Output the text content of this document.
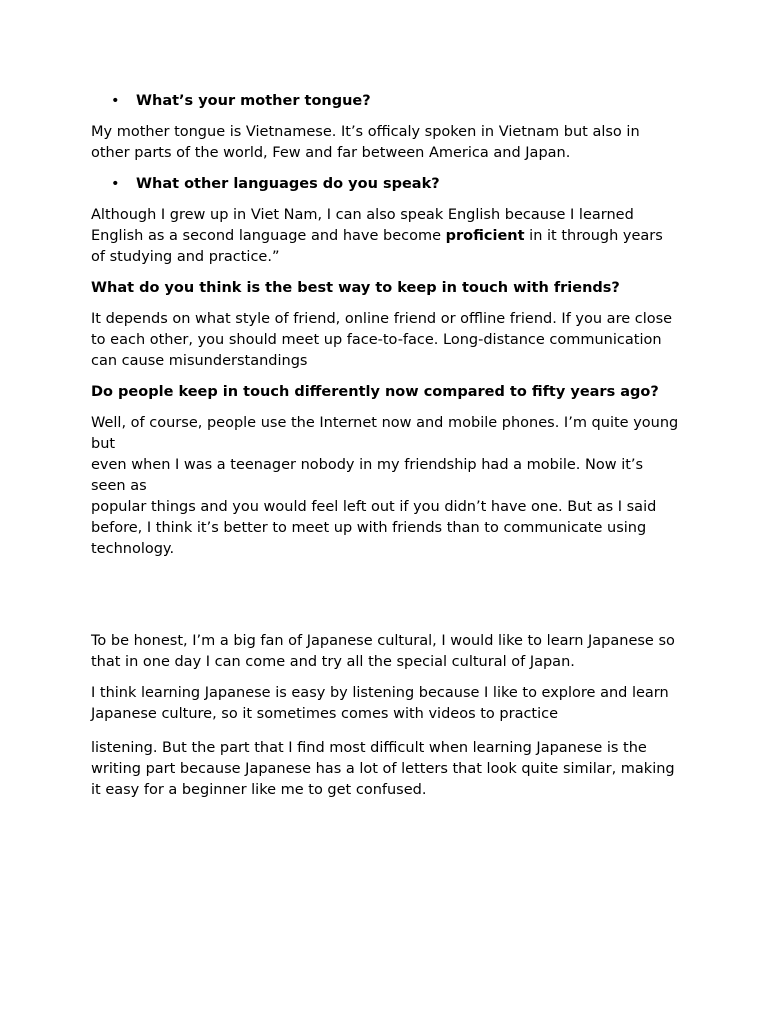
• What’s your mother tongue?

My mother tongue is Vietnamese. It’s officaly spoken in Vietnam but also in other parts of the world, Few and far between America and Japan.

• What other languages do you speak?

Although I grew up in Viet Nam, I can also speak English because I learned English as a second language and have become proficient in it through years of studying and practice.”

What do you think is the best way to keep in touch with friends?

It depends on what style of friend, online friend or offline friend. If you are close to each other, you should meet up face-to-face. Long-distance communication can cause misunderstandings

Do people keep in touch differently now compared to fifty years ago?

Well, of course, people use the Internet now and mobile phones. I’m quite young but
even when I was a teenager nobody in my friendship had a mobile. Now it’s seen as
popular things and you would feel left out if you didn’t have one. But as I said before, I think it’s better to meet up with friends than to communicate using technology.

To be honest, I’m a big fan of Japanese cultural, I would like to learn Japanese so that in one day I can come and try all the special cultural of Japan.

I think learning Japanese is easy by listening because I like to explore and learn Japanese culture, so it sometimes comes with videos to practice

listening. But the part that I find most difficult when learning Japanese is the writing part because Japanese has a lot of letters that look quite similar, making it easy for a beginner like me to get confused.
